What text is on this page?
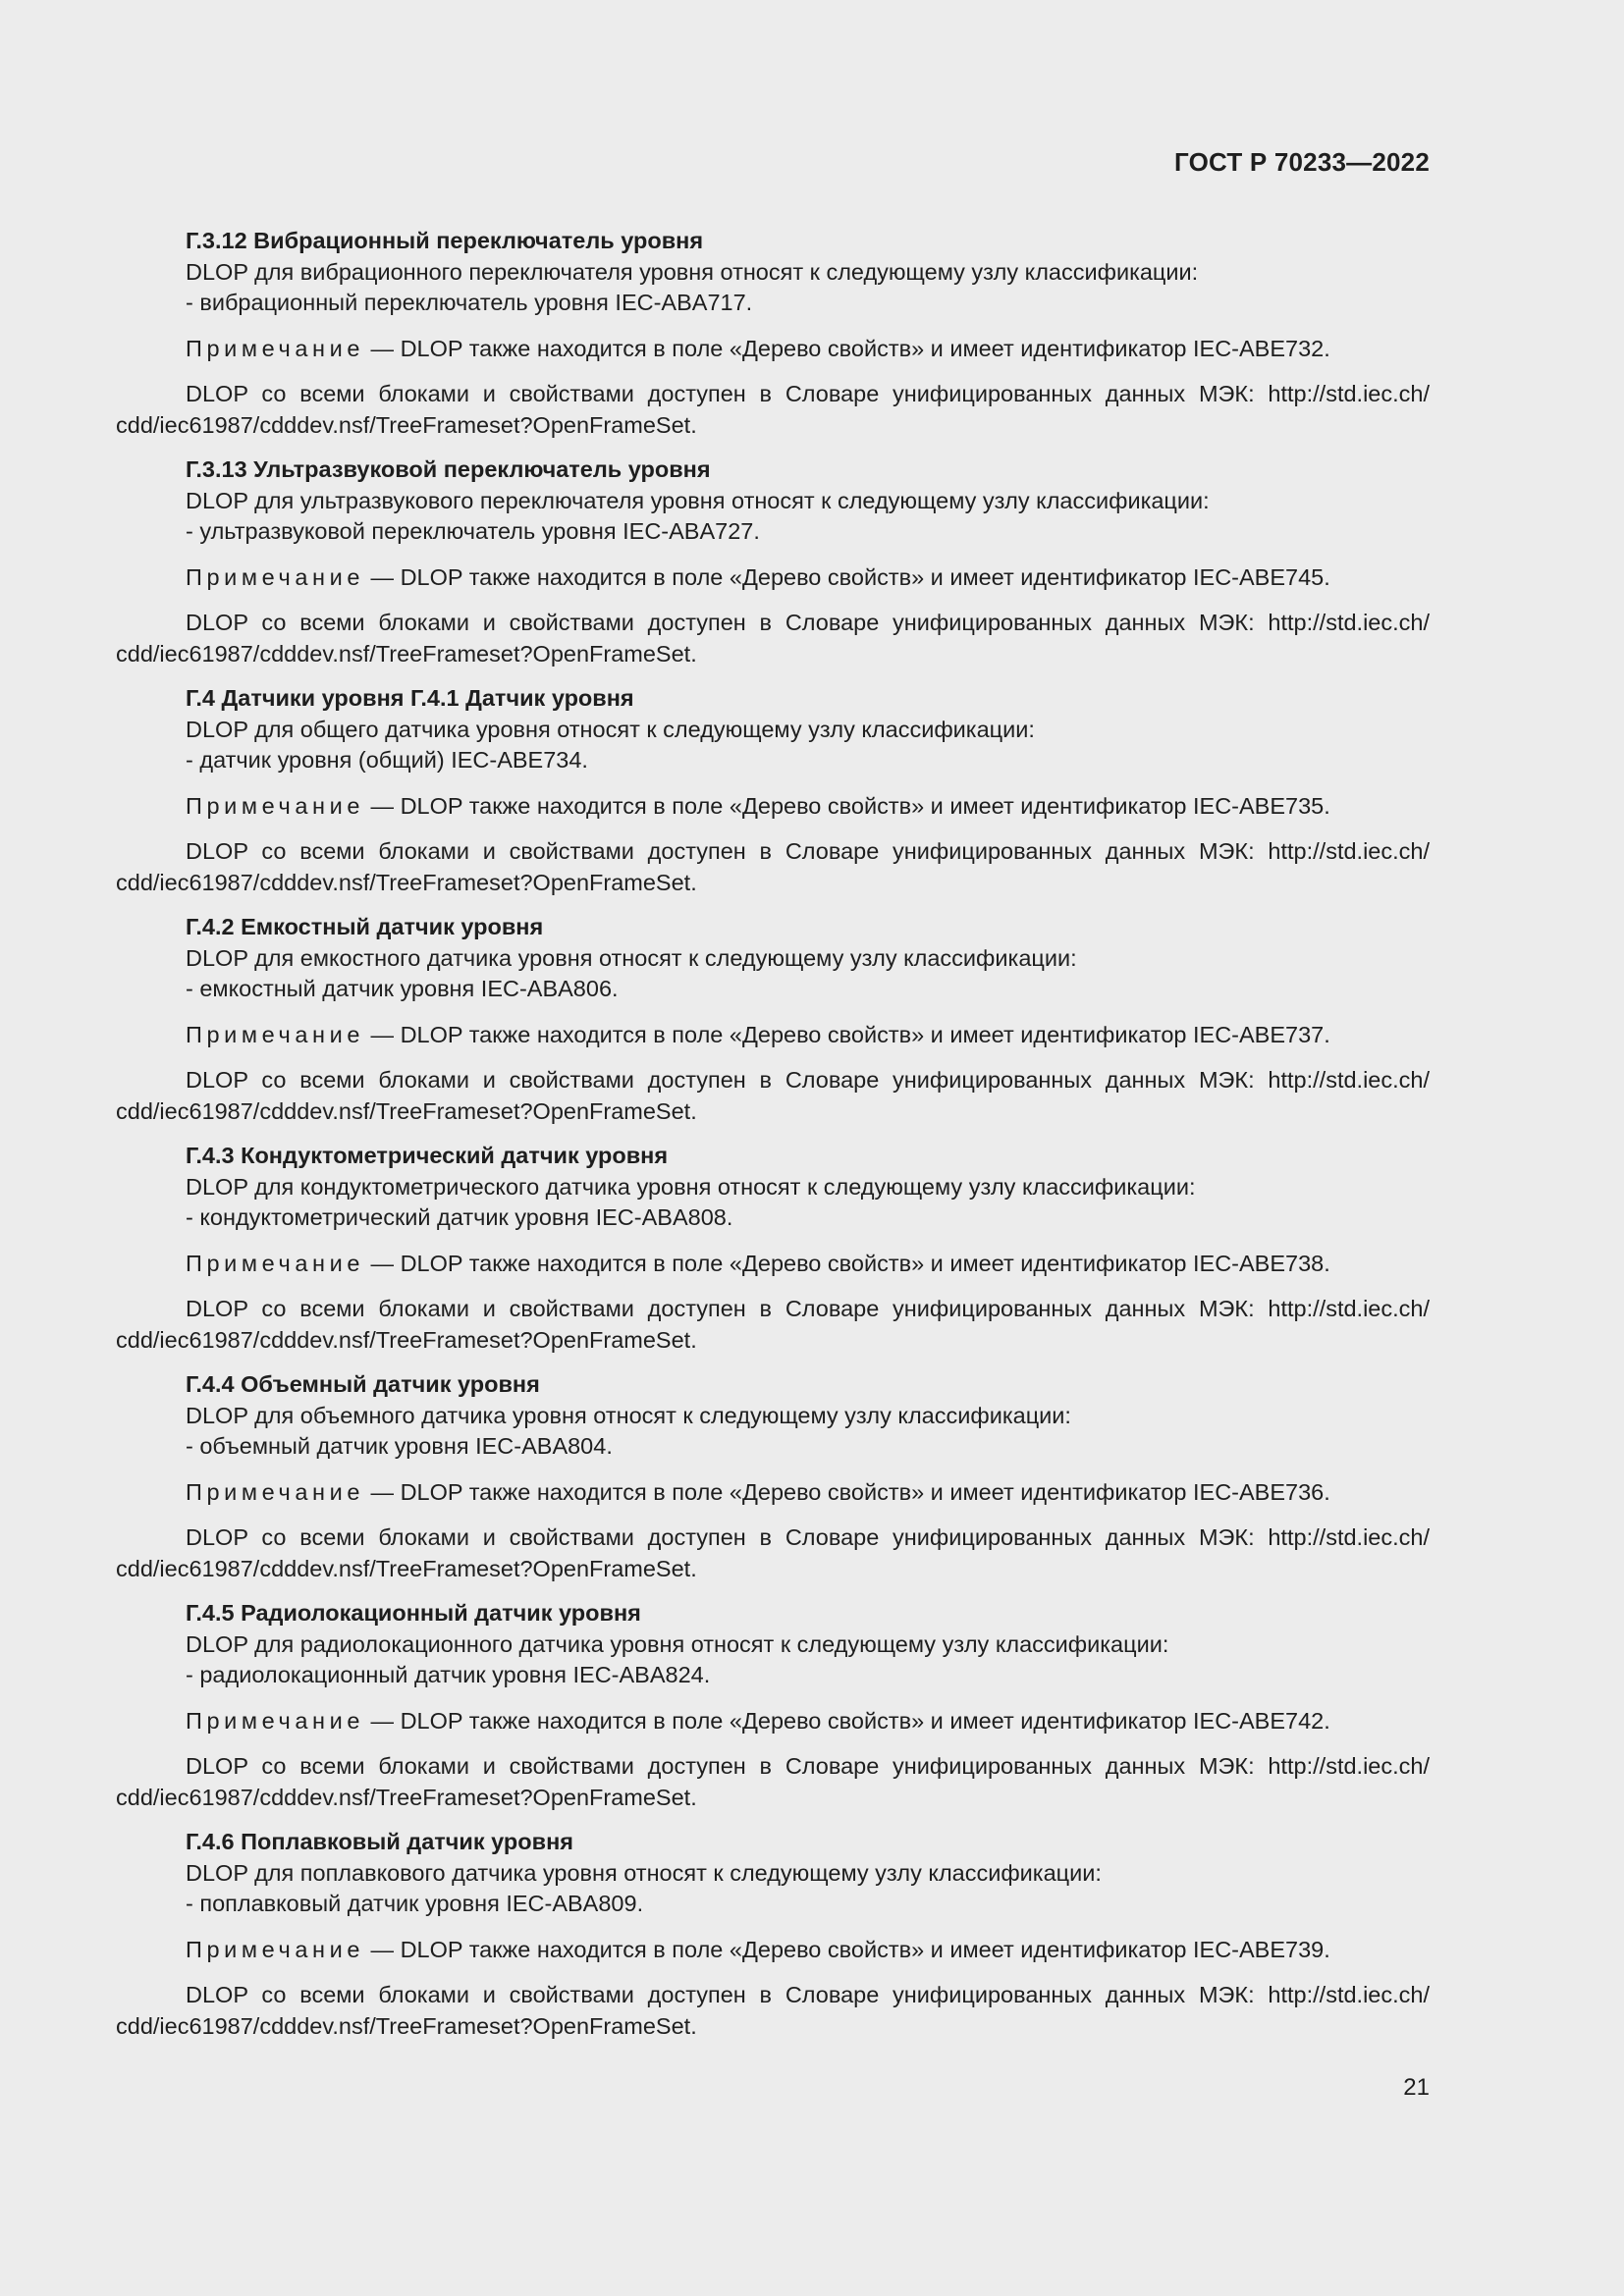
ГОСТ Р 70233—2022
Г.3.12 Вибрационный переключатель уровня
DLOP для вибрационного переключателя уровня относят к следующему узлу классификации:
- вибрационный переключатель уровня IEC-ABA717.
Примечание — DLOP также находится в поле «Дерево свойств» и имеет идентификатор IEC-ABE732.
DLOP со всеми блоками и свойствами доступен в Словаре унифицированных данных МЭК: http://std.iec.ch/ cdd/iec61987/cdddev.nsf/TreeFrameset?OpenFrameSet.
Г.3.13 Ультразвуковой переключатель уровня
DLOP для ультразвукового переключателя уровня относят к следующему узлу классификации:
- ультразвуковой переключатель уровня IEC-ABA727.
Примечание — DLOP также находится в поле «Дерево свойств» и имеет идентификатор IEC-ABE745.
DLOP со всеми блоками и свойствами доступен в Словаре унифицированных данных МЭК: http://std.iec.ch/ cdd/iec61987/cdddev.nsf/TreeFrameset?OpenFrameSet.
Г.4 Датчики уровня Г.4.1 Датчик уровня
DLOP для общего датчика уровня относят к следующему узлу классификации:
- датчик уровня (общий) IEC-ABE734.
Примечание — DLOP также находится в поле «Дерево свойств» и имеет идентификатор IEC-ABE735.
DLOP со всеми блоками и свойствами доступен в Словаре унифицированных данных МЭК: http://std.iec.ch/ cdd/iec61987/cdddev.nsf/TreeFrameset?OpenFrameSet.
Г.4.2 Емкостный датчик уровня
DLOP для емкостного датчика уровня относят к следующему узлу классификации:
- емкостный датчик уровня IEC-ABA806.
Примечание — DLOP также находится в поле «Дерево свойств» и имеет идентификатор IEC-ABE737.
DLOP со всеми блоками и свойствами доступен в Словаре унифицированных данных МЭК: http://std.iec.ch/ cdd/iec61987/cdddev.nsf/TreeFrameset?OpenFrameSet.
Г.4.3 Кондуктометрический датчик уровня
DLOP для кондуктометрического датчика уровня относят к следующему узлу классификации:
- кондуктометрический датчик уровня IEC-ABA808.
Примечание — DLOP также находится в поле «Дерево свойств» и имеет идентификатор IEC-ABE738.
DLOP со всеми блоками и свойствами доступен в Словаре унифицированных данных МЭК: http://std.iec.ch/ cdd/iec61987/cdddev.nsf/TreeFrameset?OpenFrameSet.
Г.4.4 Объемный датчик уровня
DLOP для объемного датчика уровня относят к следующему узлу классификации:
- объемный датчик уровня IEC-ABA804.
Примечание — DLOP также находится в поле «Дерево свойств» и имеет идентификатор IEC-ABE736.
DLOP со всеми блоками и свойствами доступен в Словаре унифицированных данных МЭК: http://std.iec.ch/ cdd/iec61987/cdddev.nsf/TreeFrameset?OpenFrameSet.
Г.4.5 Радиолокационный датчик уровня
DLOP для радиолокационного датчика уровня относят к следующему узлу классификации:
- радиолокационный датчик уровня IEC-ABA824.
Примечание — DLOP также находится в поле «Дерево свойств» и имеет идентификатор IEC-ABE742.
DLOP со всеми блоками и свойствами доступен в Словаре унифицированных данных МЭК: http://std.iec.ch/ cdd/iec61987/cdddev.nsf/TreeFrameset?OpenFrameSet.
Г.4.6 Поплавковый датчик уровня
DLOP для поплавкового датчика уровня относят к следующему узлу классификации:
- поплавковый датчик уровня IEC-ABA809.
Примечание — DLOP также находится в поле «Дерево свойств» и имеет идентификатор IEC-ABE739.
DLOP со всеми блоками и свойствами доступен в Словаре унифицированных данных МЭК: http://std.iec.ch/ cdd/iec61987/cdddev.nsf/TreeFrameset?OpenFrameSet.
21
